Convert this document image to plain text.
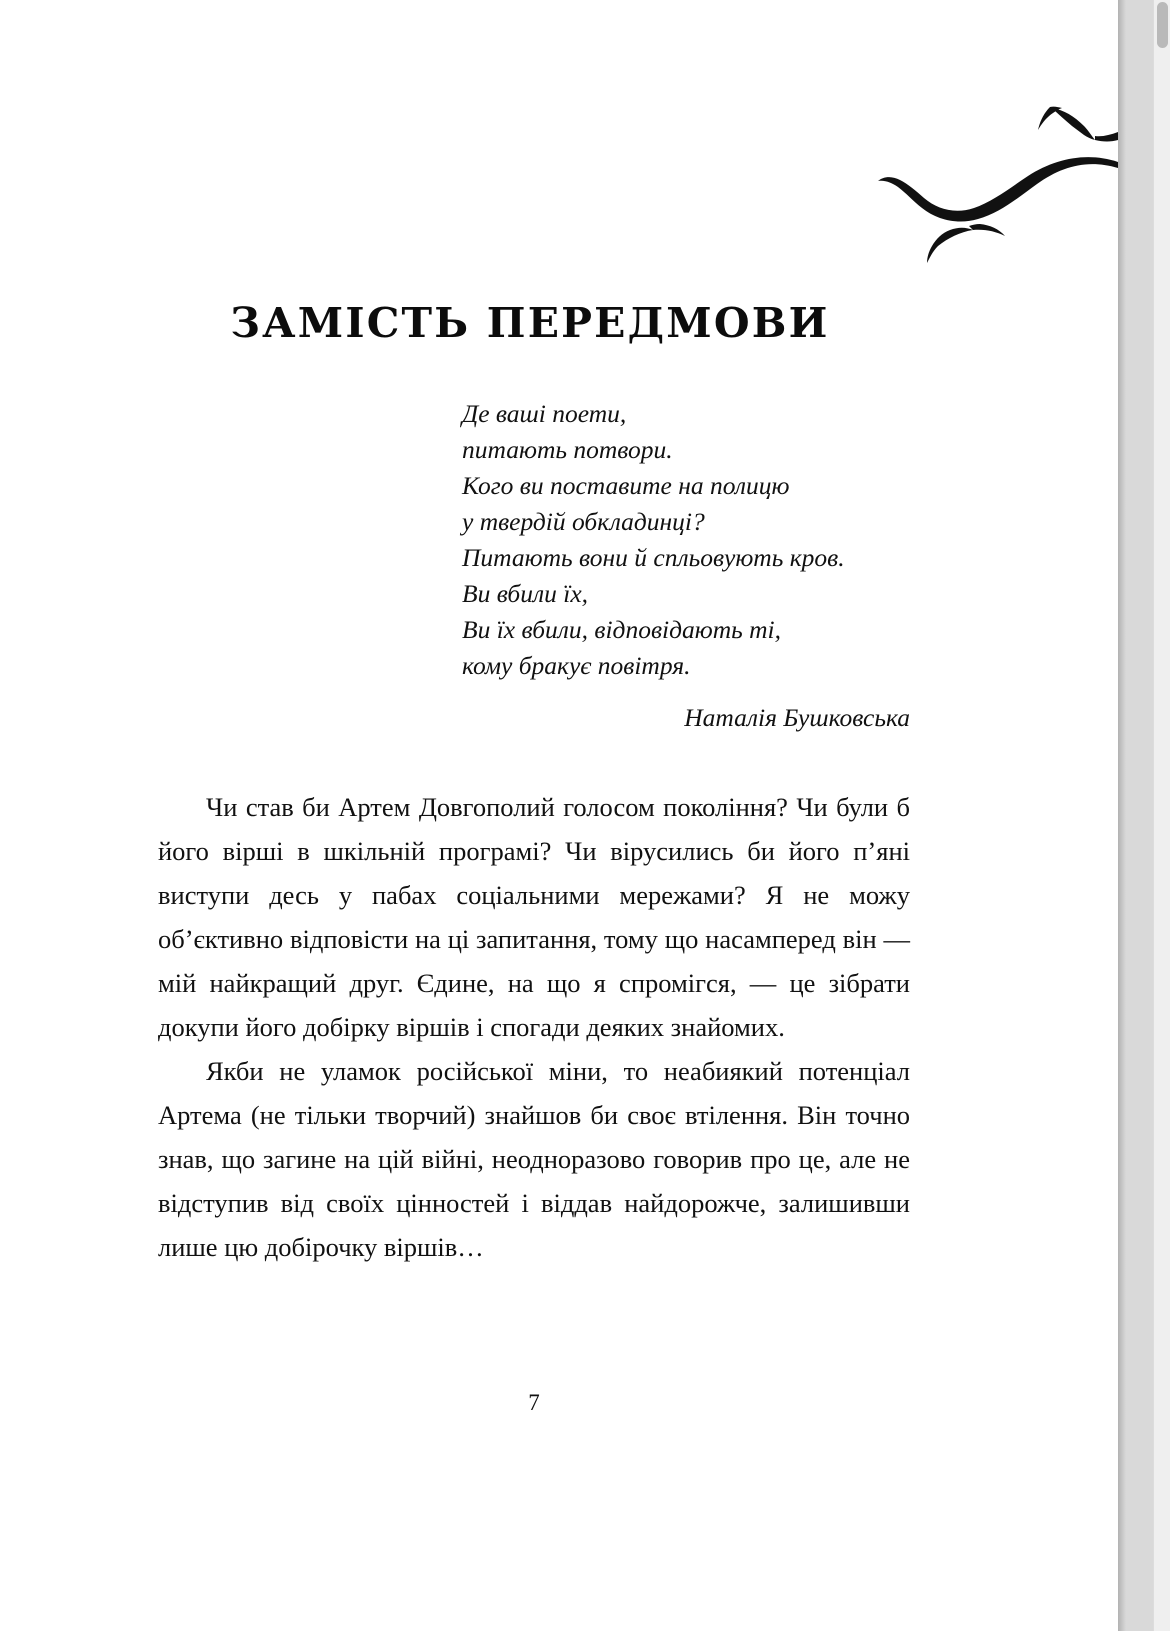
ЗАМІСТЬ ПЕРЕДМОВИ
Де ваші поети,
питають потвори.
Кого ви поставите на полицю
у твердій обкладинці?
Питають вони й спльовують кров.
Ви вбили їх,
Ви їх вбили, відповідають ті,
кому бракує повітря.
Наталія Бушковська

Чи став би Артем Довгополий голосом покоління? Чи були б його вірші в шкільній програмі? Чи вірусились би його п’яні виступи десь у пабах соціальними мережами? Я не можу об’єктивно відповісти на ці запитання, тому що насамперед він — мій найкращий друг. Єдине, на що я спромігся, — це зібрати докупи його добірку віршів і спогади деяких знайомих.

Якби не уламок російської міни, то неабиякий потенціал Артема (не тільки творчий) знайшов би своє втілення. Він точно знав, що загине на цій війні, неодноразово говорив про це, але не відступив від своїх цінностей і віддав найдорожче, залишивши лише цю добірочку віршів…

7
